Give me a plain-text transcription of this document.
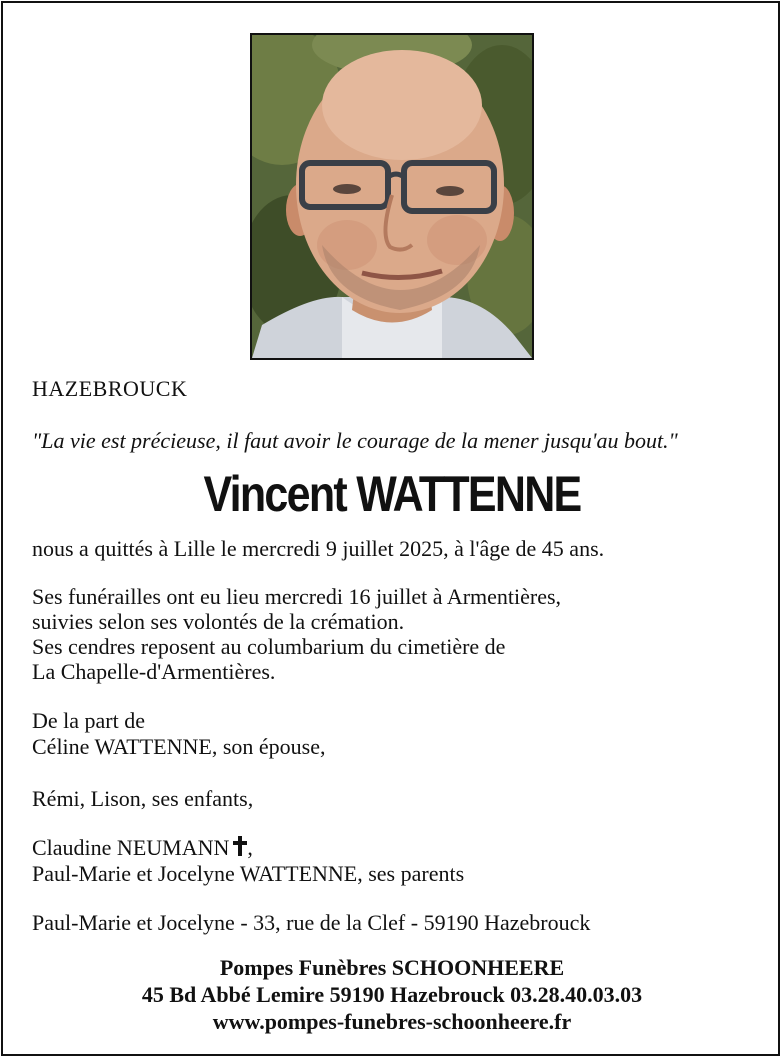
HAZEBROUCK
"La vie est précieuse, il faut avoir le courage de la mener jusqu'au bout."
Vincent WATTENNE
nous a quittés à Lille le mercredi 9 juillet 2025, à l'âge de 45 ans.
Ses funérailles ont eu lieu mercredi 16 juillet à Armentières,
suivies selon ses volontés de la crémation.
Ses cendres reposent au columbarium du cimetière de
La Chapelle-d'Armentières.
De la part de
Céline WATTENNE, son épouse,
Rémi, Lison, ses enfants,
Claudine NEUMANN ,
Paul-Marie et Jocelyne WATTENNE, ses parents
Paul-Marie et Jocelyne - 33, rue de la Clef - 59190 Hazebrouck
Pompes Funèbres SCHOONHEERE
45 Bd Abbé Lemire 59190 Hazebrouck 03.28.40.03.03
www.pompes-funebres-schoonheere.fr
